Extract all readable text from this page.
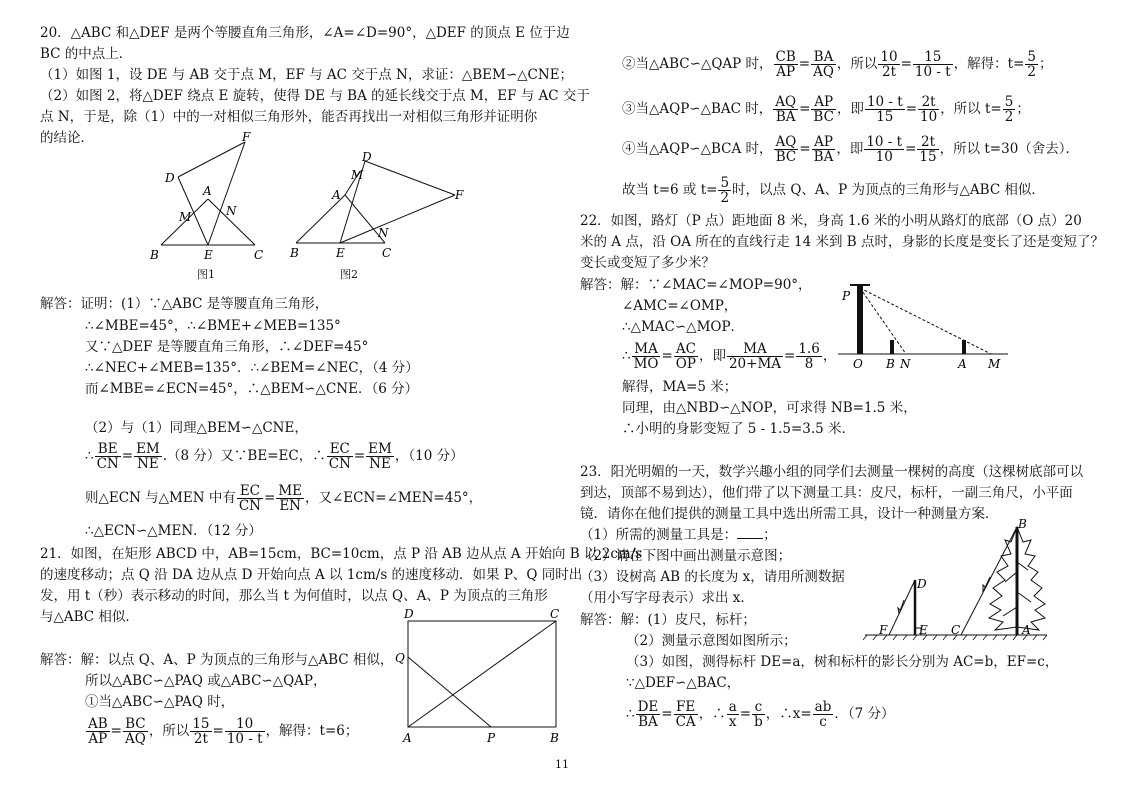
20．△ABC 和△DEF 是两个等腰直角三角形，∠A=∠D=90°，△DEF 的顶点 E 位于边
BC 的中点上．
（1）如图 1，设 DE 与 AB 交于点 M，EF 与 AC 交于点 N，求证：△BEM∽△CNE；
（2）如图 2，将△DEF 绕点 E 旋转，使得 DE 与 BA 的延长线交于点 M，EF 与 AC 交于
点 N，于是，除（1）中的一对相似三角形外，能否再找出一对相似三角形并证明你
的结论．
B	C
A
D
E
F
M	N
图1
B	C
A
D
E
F
M
N
图2
解答：证明：(1）∵△ABC 是等腰直角三角形，
∴∠MBE=45°，∴∠BME+∠MEB=135°
又∵△DEF 是等腰直角三角形，∴∠DEF=45°
∴∠NEC+∠MEB=135°．∴∠BEM=∠NEC，（4 分）
而∠MBE=∠ECN=45°，∴△BEM∽△CNE．（6 分）
（2）与（1）同理△BEM∽△CNE，
∴ $\frac{BE}{CN} = \frac{EM}{NE} .(8$ 分）又∵BE=EC，∴ $\frac{EC}{CN} = \frac{EM}{NE}$ ，（10 分）
则△ECN 与△MEN 中有 $\frac{EC}{CN} = \frac{ME}{EN}$ ，又∠ECN=∠MEN=45°，
∴△ECN∽△MEN．（12 分）
21．如图，在矩形 ABCD 中，AB=15cm，BC=10cm，点 P 沿 AB 边从点 A 开始向 B 以 2cm/s
的速度移动；点 Q 沿 DA 边从点 D 开始向点 A 以 1cm/s 的速度移动．如果 P、Q 同时出
发，用 t（秒）表示移动的时间，那么当 t 为何值时，以点 Q、A、P 为顶点的三角形
与△ABC 相似．	D	C
Q
A	P	B
解答：解：以点 Q、A、P 为顶点的三角形与△ABC 相似，
所以△ABC∽△PAQ 或△ABC∽△QAP，
①当△ABC∽△PAQ 时，
$\frac{AB}{AP} = \frac{BC}{AQ}$ ，所以 $\frac{15}{2t} = \frac{10}{10 - t}$ ，解得：t=6；
②当△ABC∽△QAP 时， $\frac{CB}{AP} = \frac{BA}{AQ}$ ，所以 $\frac{10}{2t} = \frac{15}{10 - t}$ ，解得：$t= \frac{5}{2}$ ；
③当△AQP∽△BAC 时， $\frac{AQ}{BA} = \frac{AP}{BC}$ ，即 $\frac{10 - t}{15} = \frac{2t}{10}$ ，所以 $t= \frac{5}{2}$ ；
④当△AQP∽△BCA 时， $\frac{AQ}{BC} = \frac{AP}{BA}$ ，即 $\frac{10 - t}{10} = \frac{2t}{15}$ ，所以 t=30（舍去）．
故当 t=6 或 $t= \frac{5}{2}$ 时，以点 Q、A、P 为顶点的三角形与△ABC 相似．
22．如图，路灯（P 点）距地面 8 米，身高 1.6 米的小明从路灯的底部（O 点）20
米的 A 点，沿 OA 所在的直线行走 14 米到 B 点时，身影的长度是变长了还是变短了？
变长或变短了多少米？
P
O B N	A M
解答：解：∵∠MAC=∠MOP=90°，
∠AMC=∠OMP，
∴△MAC∽△MOP．
∴ $\frac{MA}{MO} = \frac{AC}{OP}$ ，即 $\frac{MA}{20+MA} = \frac{1.6}{8}$ ，
解得，MA=5 米；
同理，由△NBD∽△NOP，可求得 NB=1.5 米，
∴小明的身影变短了 5 - 1.5=3.5 米．
23．阳光明媚的一天，数学兴趣小组的同学们去测量一棵树的高度（这棵树底部可以
到达，顶部不易到达），他们带了以下测量工具：皮尺，标杆，一副三角尺，小平面
镜．请你在他们提供的测量工具中选出所需工具，设计一种测量方案．
（1）所需的测量工具是： ；
（2）请在下图中画出测量示意图；
（3）设树高 AB 的长度为 x，请用所测数据
（用小写字母表示）求出 x．
B
D
F	E C	A
解答：解：(1）皮尺，标杆；
（2）测量示意图如图所示；
（3）如图，测得标杆 DE=a，树和标杆的影长分别为 AC=b，EF=c，
∵△DEF∽△BAC，
∴ $\frac{DE}{BA} = \frac{FE}{CA}$ ，∴ $\frac{a}{x} = \frac{c}{b}$ ，∴x= $\frac{ab}{c}$ ．（7 分）
11
